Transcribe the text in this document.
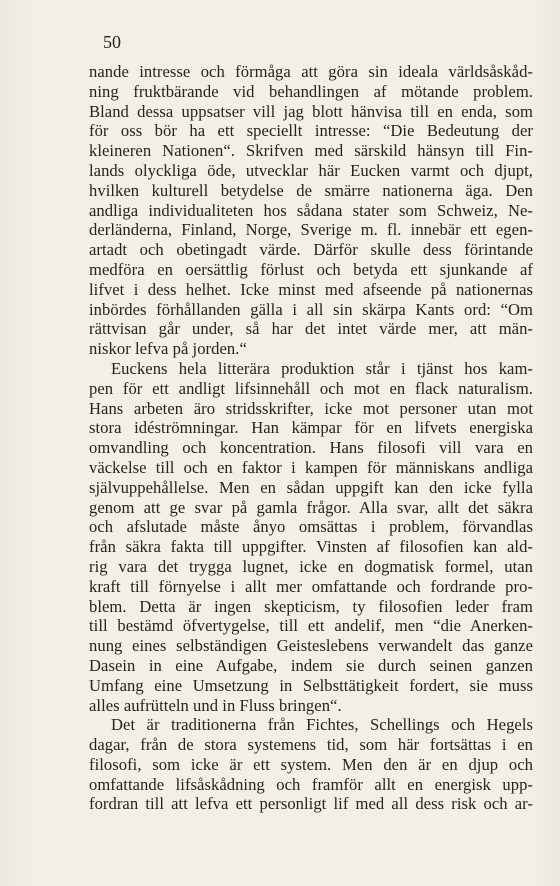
50
nande intresse och förmåga att göra sin ideala världsåskåd-
ning fruktbärande vid behandlingen af mötande problem.
Bland dessa uppsatser vill jag blott hänvisa till en enda, som
för oss bör ha ett speciellt intresse: “Die Bedeutung der
kleineren Nationen“. Skrifven med särskild hänsyn till Fin-
lands olyckliga öde, utvecklar här Eucken varmt och djupt,
hvilken kulturell betydelse de smärre nationerna äga. Den
andliga individualiteten hos sådana stater som Schweiz, Ne-
derländerna, Finland, Norge, Sverige m. fl. innebär ett egen-
artadt och obetingadt värde. Därför skulle dess förintande
medföra en oersättlig förlust och betyda ett sjunkande af
lifvet i dess helhet. Icke minst med afseende på nationernas
inbördes förhållanden gälla i all sin skärpa Kants ord: “Om
rättvisan går under, så har det intet värde mer, att män-
niskor lefva på jorden.“
Euckens hela litterära produktion står i tjänst hos kam-
pen för ett andligt lifsinnehåll och mot en flack naturalism.
Hans arbeten äro stridsskrifter, icke mot personer utan mot
stora idéströmningar. Han kämpar för en lifvets energiska
omvandling och koncentration. Hans filosofi vill vara en
väckelse till och en faktor i kampen för människans andliga
självuppehållelse. Men en sådan uppgift kan den icke fylla
genom att ge svar på gamla frågor. Alla svar, allt det säkra
och afslutade måste ånyo omsättas i problem, förvandlas
från säkra fakta till uppgifter. Vinsten af filosofien kan ald-
rig vara det trygga lugnet, icke en dogmatisk formel, utan
kraft till förnyelse i allt mer omfattande och fordrande pro-
blem. Detta är ingen skepticism, ty filosofien leder fram
till bestämd öfvertygelse, till ett andelif, men “die Anerken-
nung eines selbständigen Geisteslebens verwandelt das ganze
Dasein in eine Aufgabe, indem sie durch seinen ganzen
Umfang eine Umsetzung in Selbsttätigkeit fordert, sie muss
alles aufrütteln und in Fluss bringen“.
Det är traditionerna från Fichtes, Schellings och Hegels
dagar, från de stora systemens tid, som här fortsättas i en
filosofi, som icke är ett system. Men den är en djup och
omfattande lifsåskådning och framför allt en energisk upp-
fordran till att lefva ett personligt lif med all dess risk och ar-
